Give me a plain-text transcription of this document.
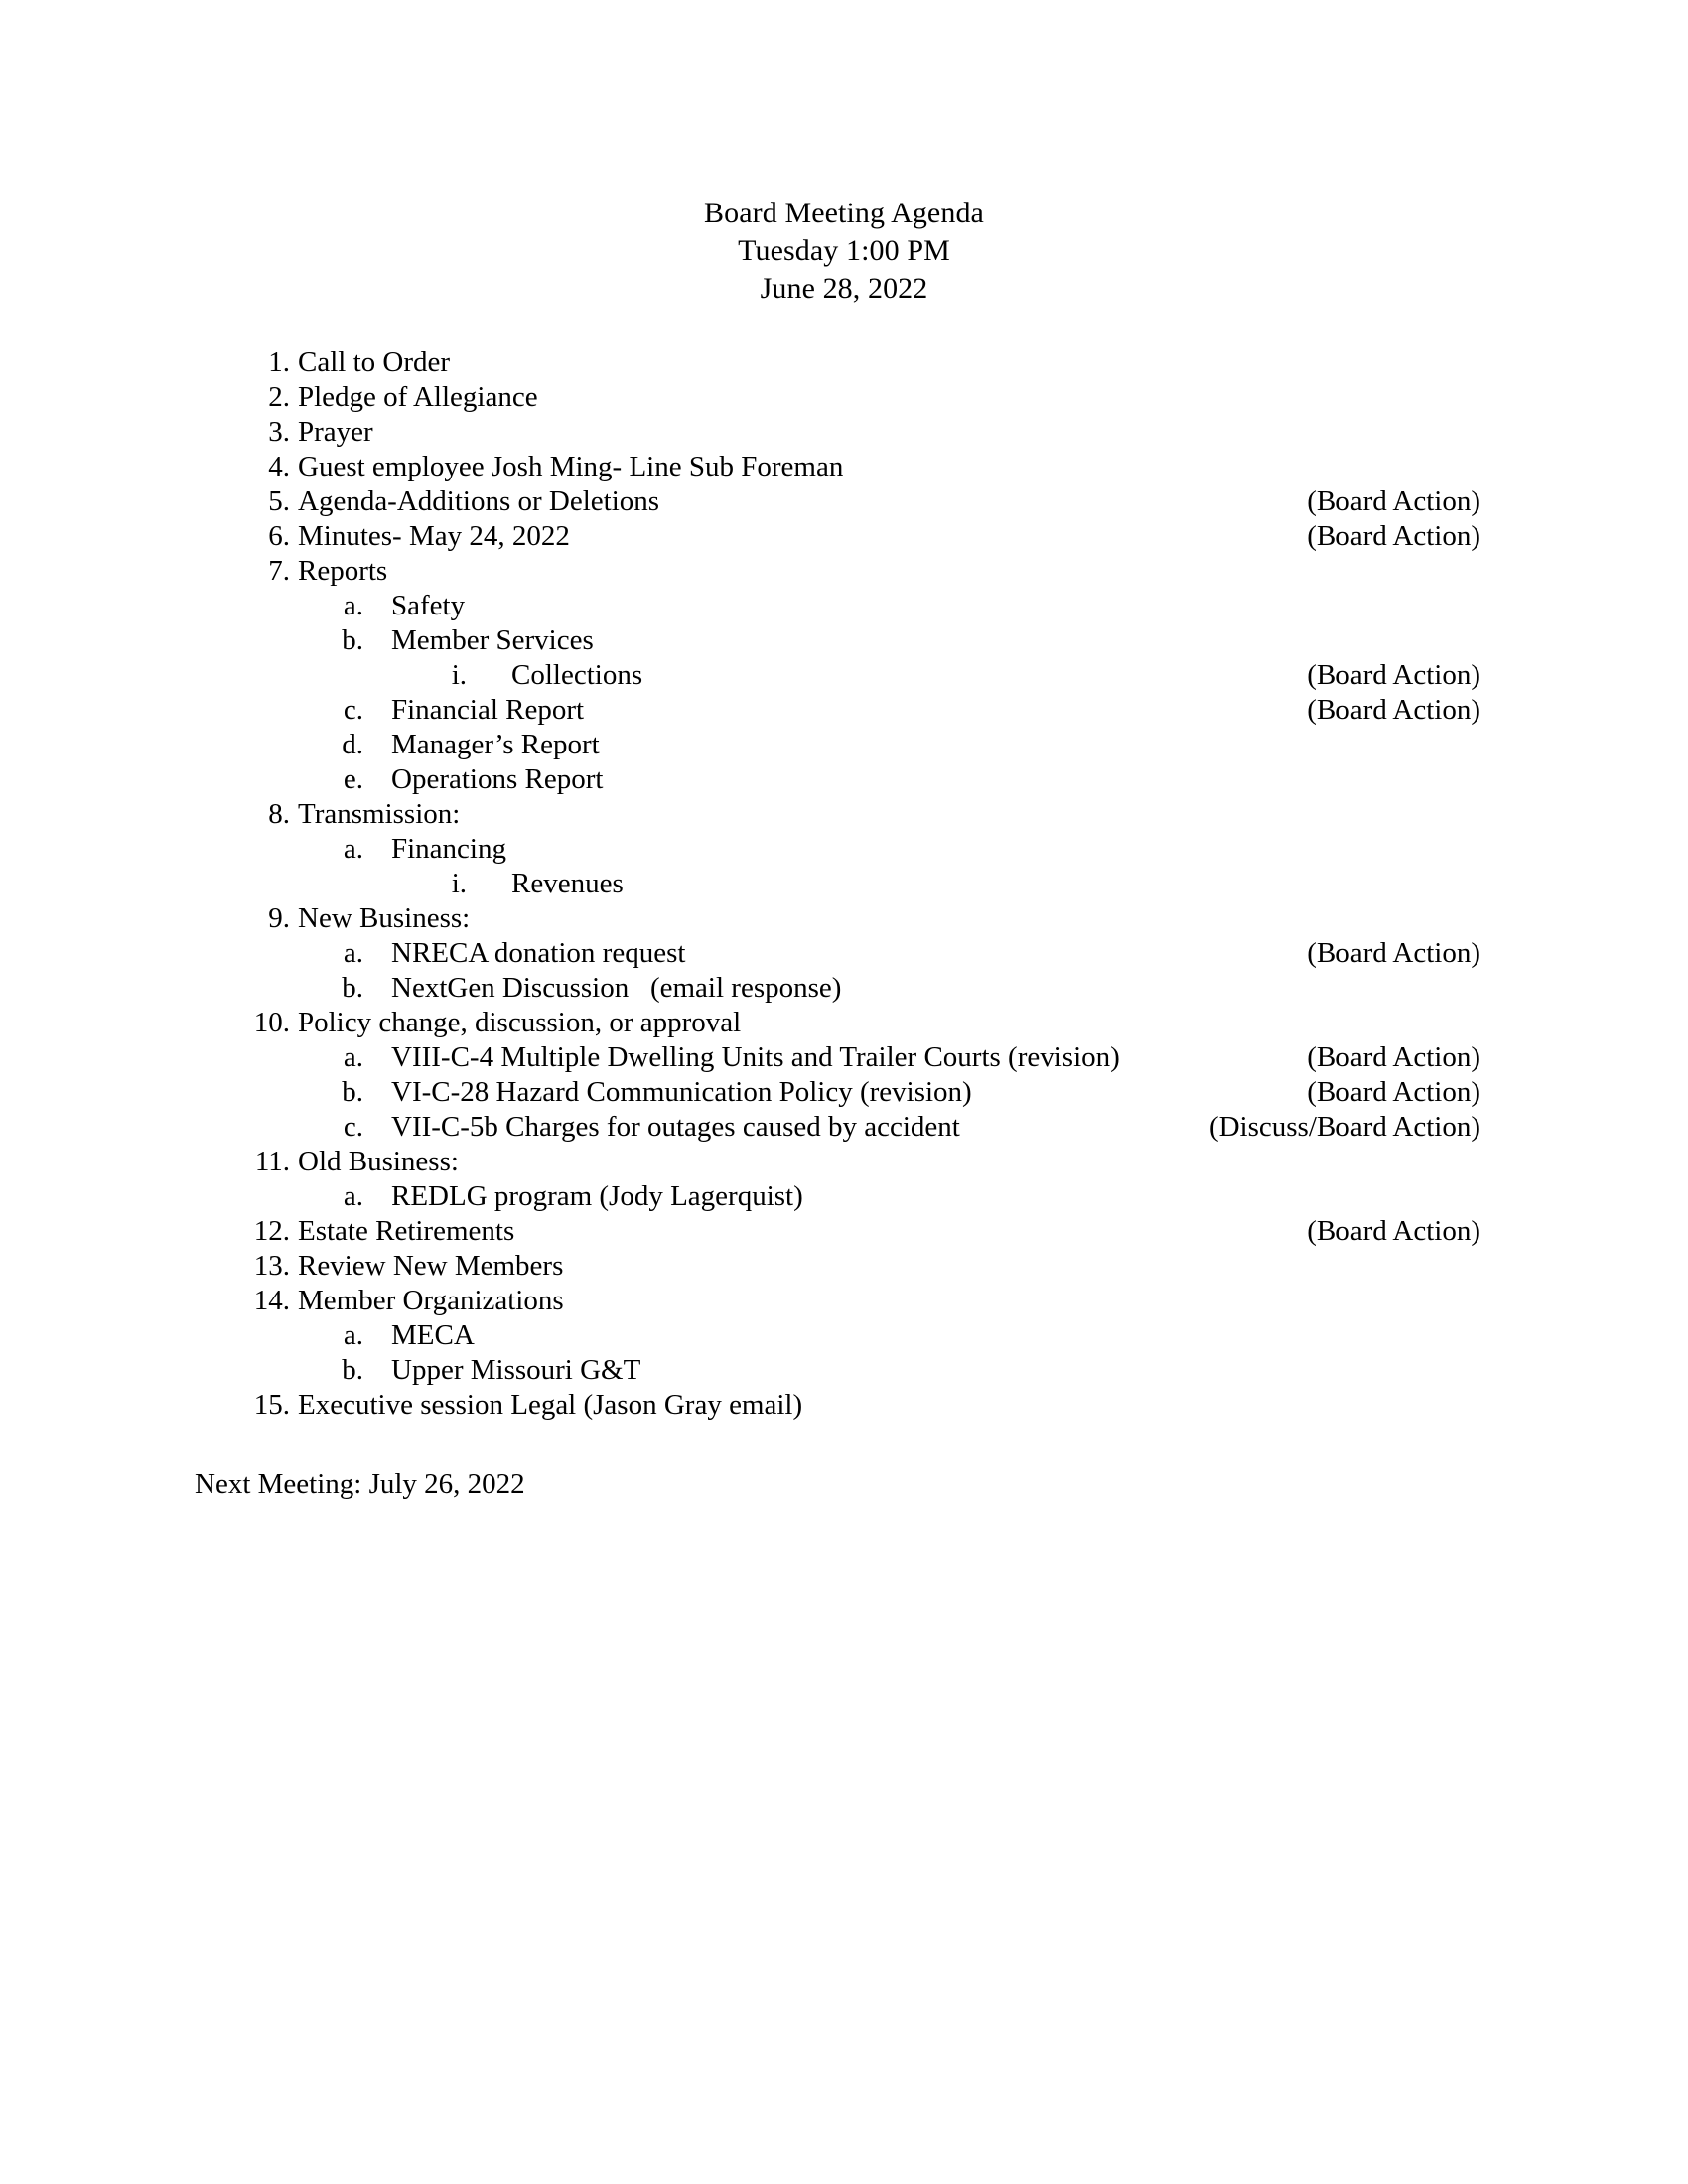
Board Meeting Agenda
Tuesday 1:00 PM
June 28, 2022
1. Call to Order
2. Pledge of Allegiance
3. Prayer
4. Guest employee Josh Ming- Line Sub Foreman
5. Agenda-Additions or Deletions	(Board Action)
6. Minutes- May 24, 2022	(Board Action)
7. Reports
a. Safety
b. Member Services
i. Collections	(Board Action)
c. Financial Report	(Board Action)
d. Manager’s Report
e. Operations Report
8. Transmission:
a. Financing
i. Revenues
9. New Business:
a. NRECA donation request	(Board Action)
b. NextGen Discussion   (email response)
10. Policy change, discussion, or approval
a. VIII-C-4 Multiple Dwelling Units and Trailer Courts (revision)	(Board Action)
b. VI-C-28 Hazard Communication Policy (revision)	(Board Action)
c. VII-C-5b Charges for outages caused by accident	(Discuss/Board Action)
11. Old Business:
a. REDLG program (Jody Lagerquist)
12. Estate Retirements	(Board Action)
13. Review New Members
14. Member Organizations
a. MECA
b. Upper Missouri G&T
15. Executive session Legal (Jason Gray email)
Next Meeting: July 26, 2022
